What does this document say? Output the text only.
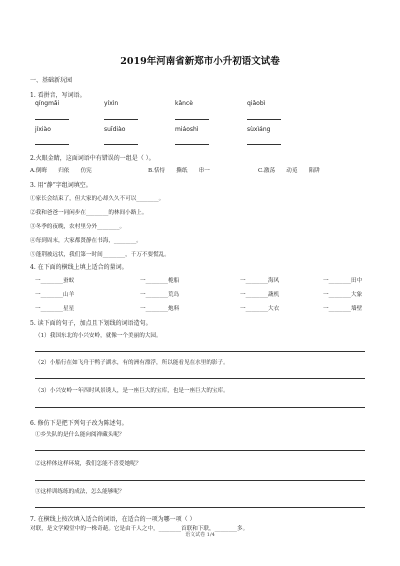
2019年河南省新郑市小升初语文试卷
一、基础新玩园
1. 看拼音，写词语。
qíngmǎi	yíxìn	kǎncè	qiǎobì
jíxiào	suīdiào	miáoshì	sùxìáng
2.火眼金睛，这面词语中有错误的一组是（ ）。
A.倒晦　　归依　　仿宪	B.恬恃　　撕纸　　串一	C.激荡　　动觅　　陷阱
3. 用“静”字组词填空。
①家长会结束了，但大家的心却久久不可以________。
②我和爸爸一同闲步在________的林间小路上。
③冬季的夜晚，农村里分外________。
④每到周末，大家都贤静在书海，________。
⑤蓬荆被远状，我们第一时间________，千万不要慌乱。
4. 在下面的横线上填上适合的量词。
一________蚕蚁	一________桅船	一________海风	一________田中
一________山羊	一________荒岛	一________蔬机	一________大象
一________星星	一________炮料	一________大衣	一________墙壁
5. 读下面的句子，加点且下划线的词语造句。
（1）我国东北的小兴安岭，就像一个美丽的大园。
（2）小船行在如飞舟于鸭子湖水，有的洲有漂浮，所以能看见在水里的影子。
（3）小兴安岭一年四时风景诱人，是一座巨大的宝库，也是一座巨大的宝库。
6. 修仿下是把下列句子改为陈述句。
①乡失队的是什么能向阅禅藏头呢？
②这样体这样环境，我们怎能不喜爱她呢？
③这样训练练的成法，怎么能够呢？
7. 在横线上按次填入适合的词语，在适合的一项为哪一项（ ）
对联，是文学殿堂中的一株奇葩。它是由千人之中，________首联和下联，________多。
语文试卷 1/4
